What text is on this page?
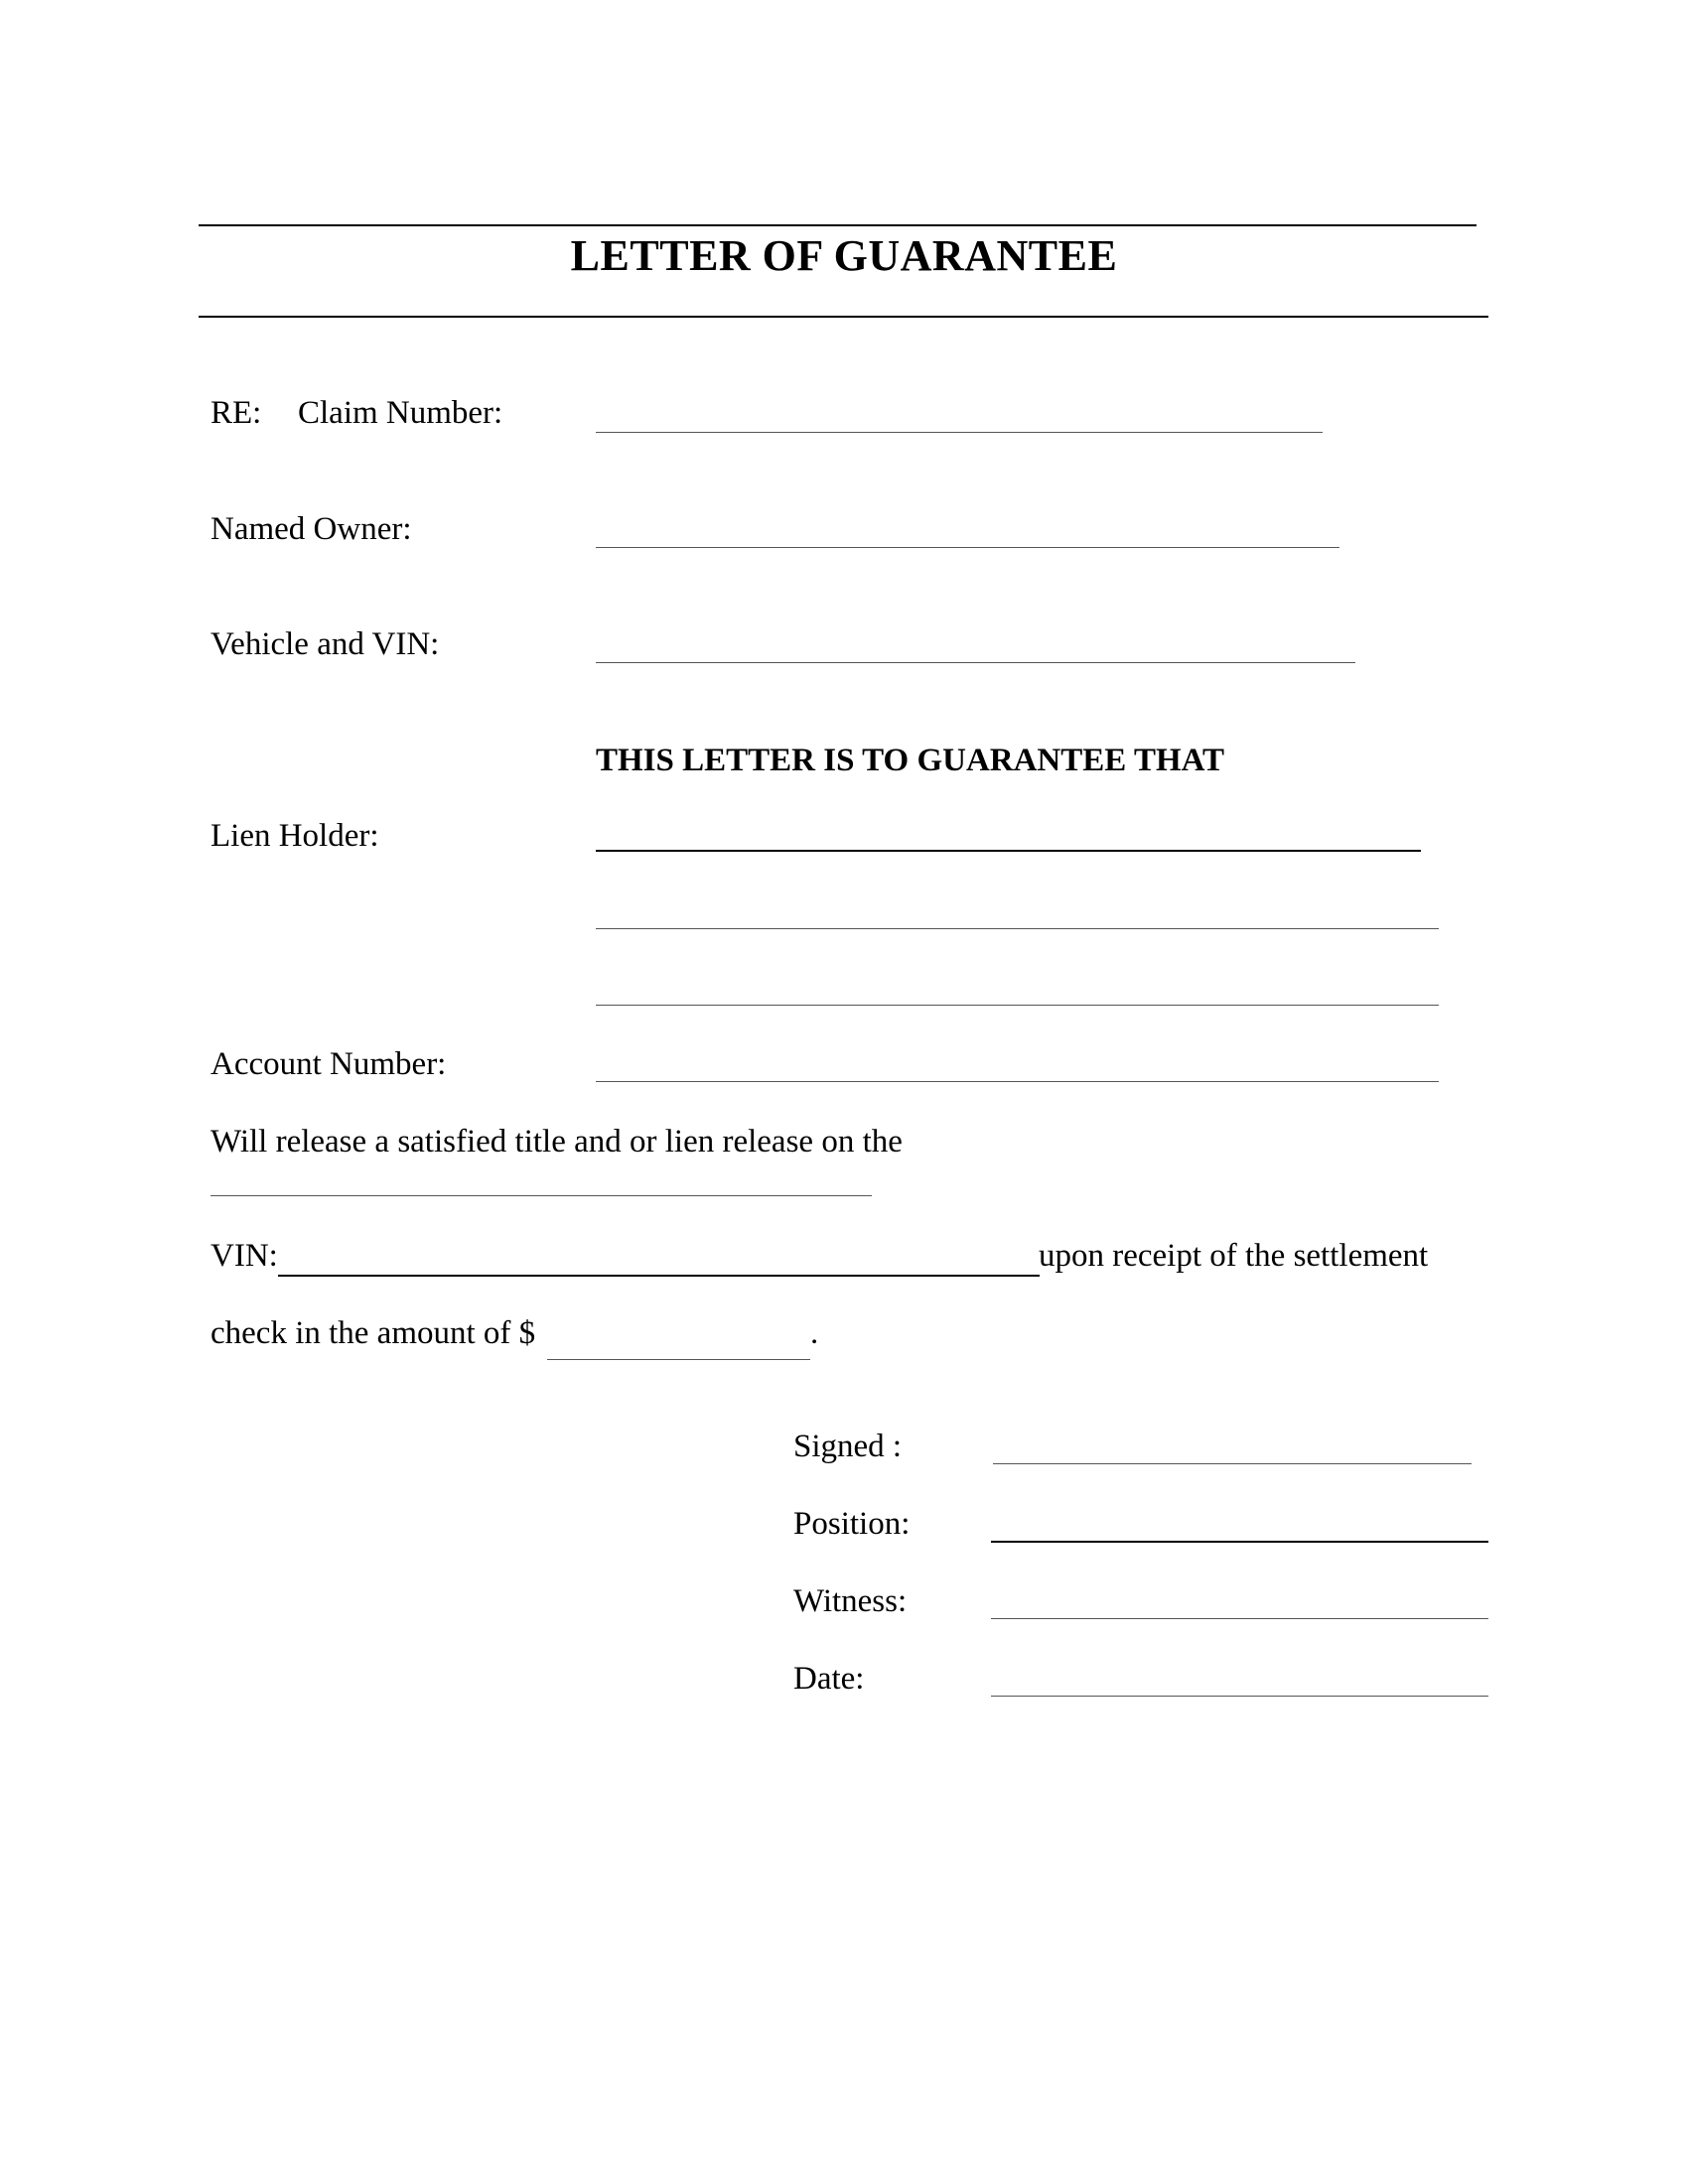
LETTER OF GUARANTEE
RE: Claim Number:
Named Owner:
Vehicle and VIN:
THIS LETTER IS TO GUARANTEE THAT
Lien Holder:
Account Number:
Will release a satisfied title and or lien release on the
VIN:	upon receipt of the settlement
check in the amount of $	.
Signed :
Position:
Witness:
Date:
